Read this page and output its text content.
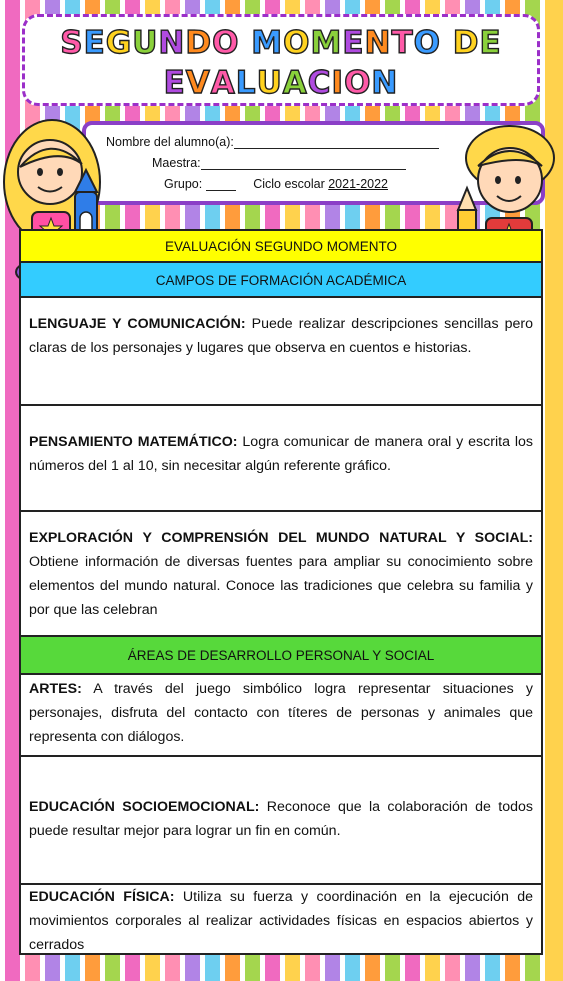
SEGUNDO MOMENTO DE
EVALUACION
Nombre del alumno(a):
Maestra:
Grupo:	Ciclo escolar 2021-2022
EVALUACIÓN SEGUNDO MOMENTO
CAMPOS DE FORMACIÓN ACADÉMICA
LENGUAJE Y COMUNICACIÓN: Puede realizar descripciones sencillas pero claras de los personajes y lugares que observa en cuentos e historias.
PENSAMIENTO MATEMÁTICO: Logra comunicar de manera oral y escrita los números del 1 al 10, sin necesitar algún referente gráfico.
EXPLORACIÓN Y COMPRENSIÓN DEL MUNDO NATURAL Y SOCIAL: Obtiene información de diversas fuentes para ampliar su conocimiento sobre elementos del mundo natural. Conoce las tradiciones que celebra su familia y por que las celebran
ÁREAS DE DESARROLLO PERSONAL Y SOCIAL
ARTES: A través del juego simbólico logra representar situaciones y personajes, disfruta del contacto con títeres de personas y animales que representa con diálogos.
EDUCACIÓN SOCIOEMOCIONAL: Reconoce que la colaboración de todos puede resultar mejor para lograr un fin en común.
EDUCACIÓN FÍSICA: Utiliza su fuerza y coordinación en la ejecución de movimientos corporales al realizar actividades físicas en espacios abiertos y cerrados
